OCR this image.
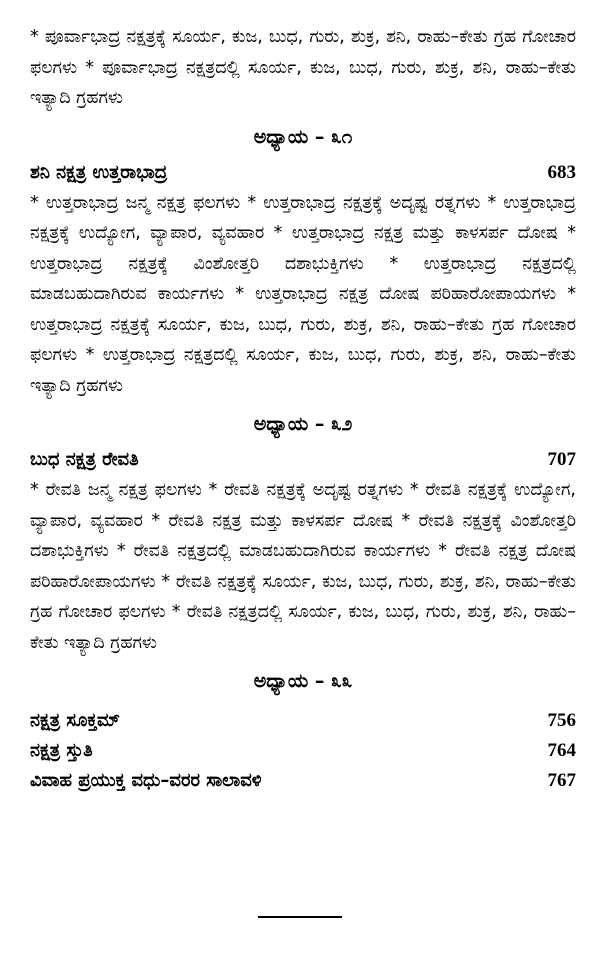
* ಪೂರ್ವಾಭಾದ್ರ ನಕ್ಷತ್ರಕ್ಕೆ ಸೂರ್ಯ, ಕುಜ, ಬುಧ, ಗುರು, ಶುಕ್ರ, ಶನಿ, ರಾಹು–ಕೇತು ಗ್ರಹ ಗೋಚಾರ ಫಲಗಳು * ಪೂರ್ವಾಭಾದ್ರ ನಕ್ಷತ್ರದಲ್ಲಿ ಸೂರ್ಯ, ಕುಜ, ಬುಧ, ಗುರು, ಶುಕ್ರ, ಶನಿ, ರಾಹು–ಕೇತು ಇತ್ಯಾದಿ ಗ್ರಹಗಳು

ಅಧ್ಯಾಯ – ೩೧
ಶನಿ ನಕ್ಷತ್ರ ಉತ್ತರಾಭಾದ್ರ	683

* ಉತ್ತರಾಭಾದ್ರ ಜನ್ಮ ನಕ್ಷತ್ರ ಫಲಗಳು * ಉತ್ತರಾಭಾದ್ರ ನಕ್ಷತ್ರಕ್ಕೆ ಅದೃಷ್ಟ ರತ್ನಗಳು * ಉತ್ತರಾಭಾದ್ರ ನಕ್ಷತ್ರಕ್ಕೆ ಉದ್ಯೋಗ, ವ್ಯಾಪಾರ, ವ್ಯವಹಾರ * ಉತ್ತರಾಭಾದ್ರ ನಕ್ಷತ್ರ ಮತ್ತು ಕಾಳಸರ್ಪ ದೋಷ * ಉತ್ತರಾಭಾದ್ರ ನಕ್ಷತ್ರಕ್ಕೆ ವಿಂಶೋತ್ತರಿ ದಶಾಭುಕ್ತಿಗಳು * ಉತ್ತರಾಭಾದ್ರ ನಕ್ಷತ್ರದಲ್ಲಿ ಮಾಡಬಹುದಾಗಿರುವ ಕಾರ್ಯಗಳು * ಉತ್ತರಾಭಾದ್ರ ನಕ್ಷತ್ರ ದೋಷ ಪರಿಹಾರೋಪಾಯಗಳು * ಉತ್ತರಾಭಾದ್ರ ನಕ್ಷತ್ರಕ್ಕೆ ಸೂರ್ಯ, ಕುಜ, ಬುಧ, ಗುರು, ಶುಕ್ರ, ಶನಿ, ರಾಹು–ಕೇತು ಗ್ರಹ ಗೋಚಾರ ಫಲಗಳು * ಉತ್ತರಾಭಾದ್ರ ನಕ್ಷತ್ರದಲ್ಲಿ ಸೂರ್ಯ, ಕುಜ, ಬುಧ, ಗುರು, ಶುಕ್ರ, ಶನಿ, ರಾಹು–ಕೇತು ಇತ್ಯಾದಿ ಗ್ರಹಗಳು

ಅಧ್ಯಾಯ – ೩೨
ಬುಧ ನಕ್ಷತ್ರ ರೇವತಿ	707

* ರೇವತಿ ಜನ್ಮ ನಕ್ಷತ್ರ ಫಲಗಳು * ರೇವತಿ ನಕ್ಷತ್ರಕ್ಕೆ ಅದೃಷ್ಟ ರತ್ನಗಳು * ರೇವತಿ ನಕ್ಷತ್ರಕ್ಕೆ ಉದ್ಯೋಗ, ವ್ಯಾಪಾರ, ವ್ಯವಹಾರ * ರೇವತಿ ನಕ್ಷತ್ರ ಮತ್ತು ಕಾಳಸರ್ಪ ದೋಷ * ರೇವತಿ ನಕ್ಷತ್ರಕ್ಕೆ ವಿಂಶೋತ್ತರಿ ದಶಾಭುಕ್ತಿಗಳು * ರೇವತಿ ನಕ್ಷತ್ರದಲ್ಲಿ ಮಾಡಬಹುದಾಗಿರುವ ಕಾರ್ಯಗಳು * ರೇವತಿ ನಕ್ಷತ್ರ ದೋಷ ಪರಿಹಾರೋಪಾಯಗಳು * ರೇವತಿ ನಕ್ಷತ್ರಕ್ಕೆ ಸೂರ್ಯ, ಕುಜ, ಬುಧ, ಗುರು, ಶುಕ್ರ, ಶನಿ, ರಾಹು–ಕೇತು ಗ್ರಹ ಗೋಚಾರ ಫಲಗಳು * ರೇವತಿ ನಕ್ಷತ್ರದಲ್ಲಿ ಸೂರ್ಯ, ಕುಜ, ಬುಧ, ಗುರು, ಶುಕ್ರ, ಶನಿ, ರಾಹು–ಕೇತು ಇತ್ಯಾದಿ ಗ್ರಹಗಳು

ಅಧ್ಯಾಯ – ೩೩
ನಕ್ಷತ್ರ ಸೂಕ್ತಮ್	756
ನಕ್ಷತ್ರ ಸ್ತುತಿ	764
ವಿವಾಹ ಪ್ರಯುಕ್ತ ವಧು–ವರರ ಸಾಲಾವಳಿ	767
